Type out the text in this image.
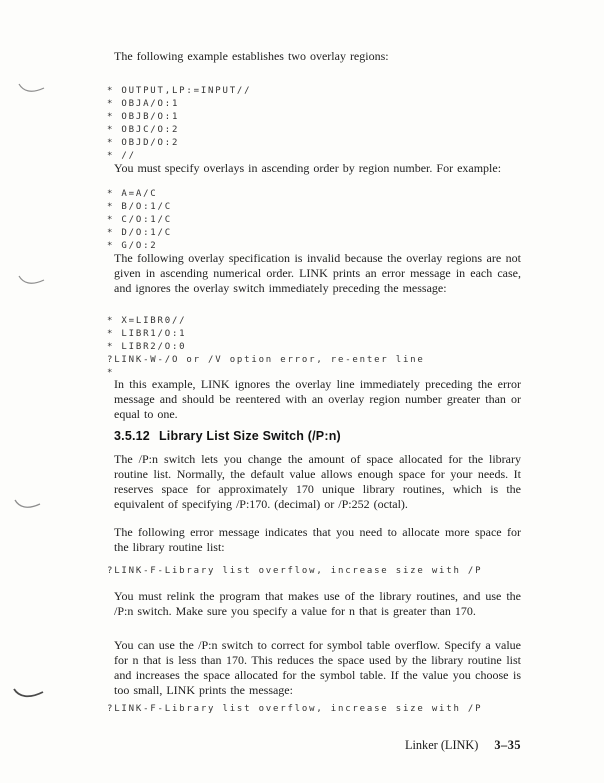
The following example establishes two overlay regions:
* OUTPUT,LP:=INPUT//
* OBJA/O:1
* OBJB/O:1
* OBJC/O:2
* OBJD/O:2
* //
You must specify overlays in ascending order by region number. For example:
* A=A/C
* B/O:1/C
* C/O:1/C
* D/O:1/C
* G/O:2
The following overlay specification is invalid because the overlay regions are not given in ascending numerical order. LINK prints an error message in each case, and ignores the overlay switch immediately preceding the message:
* X=LIBR0//
* LIBR1/O:1
* LIBR2/O:0
?LINK-W-/O or /V option error, re-enter line
*
In this example, LINK ignores the overlay line immediately preceding the error message and should be reentered with an overlay region number greater than or equal to one.
3.5.12 Library List Size Switch (/P:n)
The /P:n switch lets you change the amount of space allocated for the library routine list. Normally, the default value allows enough space for your needs. It reserves space for approximately 170 unique library routines, which is the equivalent of specifying /P:170. (decimal) or /P:252 (octal).
The following error message indicates that you need to allocate more space for the library routine list:
?LINK-F-Library list overflow, increase size with /P
You must relink the program that makes use of the library routines, and use the /P:n switch. Make sure you specify a value for n that is greater than 170.
You can use the /P:n switch to correct for symbol table overflow. Specify a value for n that is less than 170. This reduces the space used by the library routine list and increases the space allocated for the symbol table. If the value you choose is too small, LINK prints the message:
?LINK-F-Library list overflow, increase size with /P
Linker (LINK) 3–35
